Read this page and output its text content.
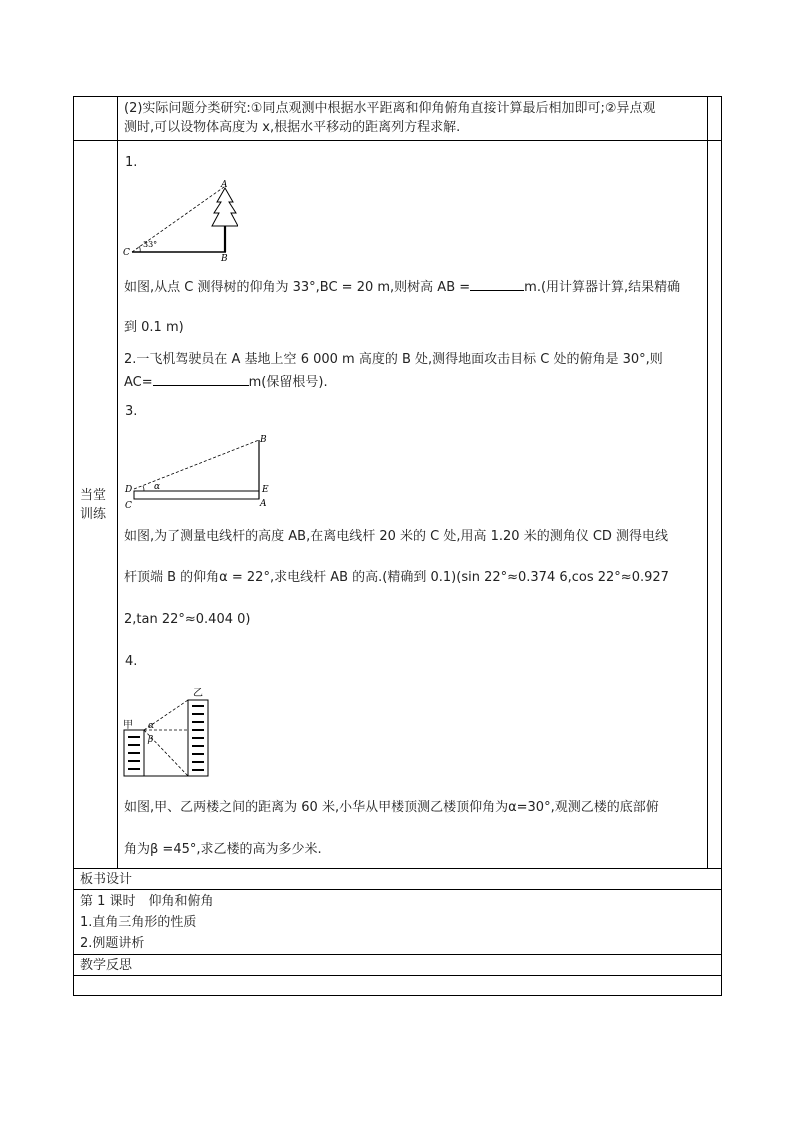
(2)实际问题分类研究:①同点观测中根据水平距离和仰角俯角直接计算最后相加即可;②异点观
测时,可以设物体高度为 x,根据水平移动的距离列方程求解.
当堂
训练
1.
A
B
C
33°
如图,从点 C 测得树的仰角为 33°,BC = 20 m,则树高 AB =	m.(用计算器计算,结果精确
到 0.1 m)
2.一飞机驾驶员在 A 基地上空 6 000 m 高度的 B 处,测得地面攻击目标 C 处的俯角是 30°,则
AC=	m(保留根号).
3.
B
D	E
C	A
α
如图,为了测量电线杆的高度 AB,在离电线杆 20 米的 C 处,用高 1.20 米的测角仪 CD 测得电线
杆顶端 B 的仰角α = 22°,求电线杆 AB 的高.(精确到 0.1)(sin 22°≈0.374 6,cos 22°≈0.927
2,tan 22°≈0.404 0)
4.
甲
乙
α
β
如图,甲、乙两楼之间的距离为 60 米,小华从甲楼顶测乙楼顶仰角为α=30°,观测乙楼的底部俯
角为β =45°,求乙楼的高为多少米.
板书设计
第 1 课时　仰角和俯角
1.直角三角形的性质
2.例题讲析
教学反思
